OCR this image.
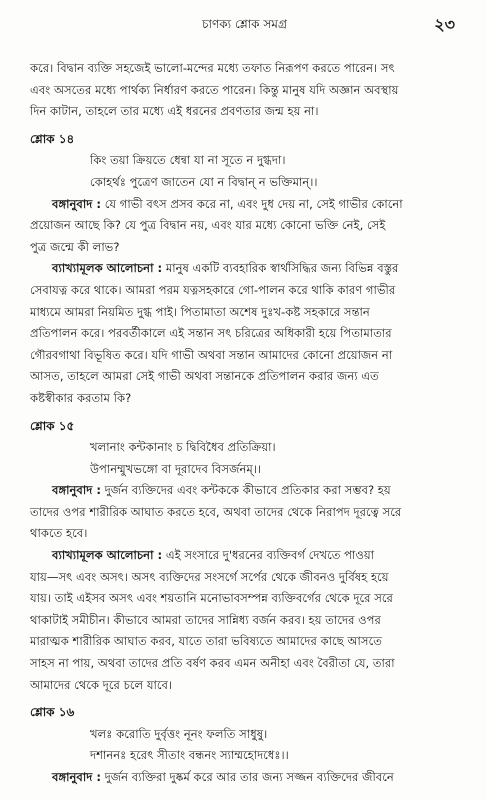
চাণক্য শ্লোক সমগ্র	২৩
করে। বিদ্বান ব্যক্তি সহজেই ভালো-মন্দের মধ্যে তফাত নিরূপণ করতে পারেন। সৎ
এবং অসতের মধ্যে পার্থক্য নির্ধারণ করতে পারেন। কিন্তু মানুষ যদি অজ্ঞান অবস্থায়
দিন কাটান, তাহলে তার মধ্যে এই ধরনের প্রবণতার জন্ম হয় না।
শ্লোক ১৪
কিং তয়া ক্রিয়তে ধেন্বা যা না সূতে ন দুগ্ধদা।
কোহর্থঃ পুত্রেণ জাতেন যো ন বিদ্বান্ ন ভক্তিমান্।।
বঙ্গানুবাদ : যে গাভী বৎস প্রসব করে না, এবং দুধ দেয় না, সেই গাভীর কোনো
প্রয়োজন আছে কি? যে পুত্র বিদ্বান নয়, এবং যার মধ্যে কোনো ভক্তি নেই, সেই
পুত্র জন্মে কী লাভ?
ব্যাখ্যামূলক আলোচনা : মানুষ একটি ব্যবহারিক স্বার্থসিদ্ধির জন্য বিভিন্ন বস্তুর
সেবাযত্ন করে থাকে। আমরা পরম যত্নসহকারে গো-পালন করে থাকি কারণ গাভীর
মাধ্যমে আমরা নিয়মিত দুগ্ধ পাই। পিতামাতা অশেষ দুঃখ-কষ্ট সহকারে সন্তান
প্রতিপালন করে। পরবর্তীকালে এই সন্তান সৎ চরিত্রের অধিকারী হয়ে পিতামাতার
গৌরবগাথা বিভূষিত করে। যদি গাভী অথবা সন্তান আমাদের কোনো প্রয়োজন না
আসত, তাহলে আমরা সেই গাভী অথবা সন্তানকে প্রতিপালন করার জন্য এত
কষ্টস্বীকার করতাম কি?
শ্লোক ১৫
খলানাং কন্টকানাং চ দ্বিবিধৈব প্রতিক্রিয়া।
উপানম্মুখভঙ্গো বা দূরাদেব বিসর্জনম্।।
বঙ্গানুবাদ : দুর্জন ব্যক্তিদের এবং কন্টককে কীভাবে প্রতিকার করা সম্ভব? হয়
তাদের ওপর শারীরিক আঘাত করতে হবে, অথবা তাদের থেকে নিরাপদ দূরত্বে সরে
থাকতে হবে।
ব্যাখ্যামূলক আলোচনা : এই সংসারে দু'ধরনের ব্যক্তিবর্গ দেখতে পাওয়া
যায়—সৎ এবং অসৎ। অসৎ ব্যক্তিদের সংসর্গে সর্পের থেকে জীবনও দুর্বিষহ হয়ে
যায়। তাই এইসব অসৎ এবং শয়তানি মনোভাবসম্পন্ন ব্যক্তিবর্গের থেকে দূরে সরে
থাকাটাই সমীচীন। কীভাবে আমরা তাদের সান্নিধ্য বর্জন করব। হয় তাদের ওপর
মারাত্মক শারীরিক আঘাত করব, যাতে তারা ভবিষ্যতে আমাদের কাছে আসতে
সাহস না পায়, অথবা তাদের প্রতি বর্ষণ করব এমন অনীহা এবং বৈরীতা যে, তারা
আমাদের থেকে দূরে চলে যাবে।
শ্লোক ১৬
খলঃ করোতি দুর্বৃত্তং নূনং ফলতি সাধুষু।
দশাননঃ হরেৎ সীতাং বন্ধনং স্যাম্মহোদধেঃ।।
বঙ্গানুবাদ : দুর্জন ব্যক্তিরা দুষ্কর্ম করে আর তার জন্য সজ্জন ব্যক্তিদের জীবনে
